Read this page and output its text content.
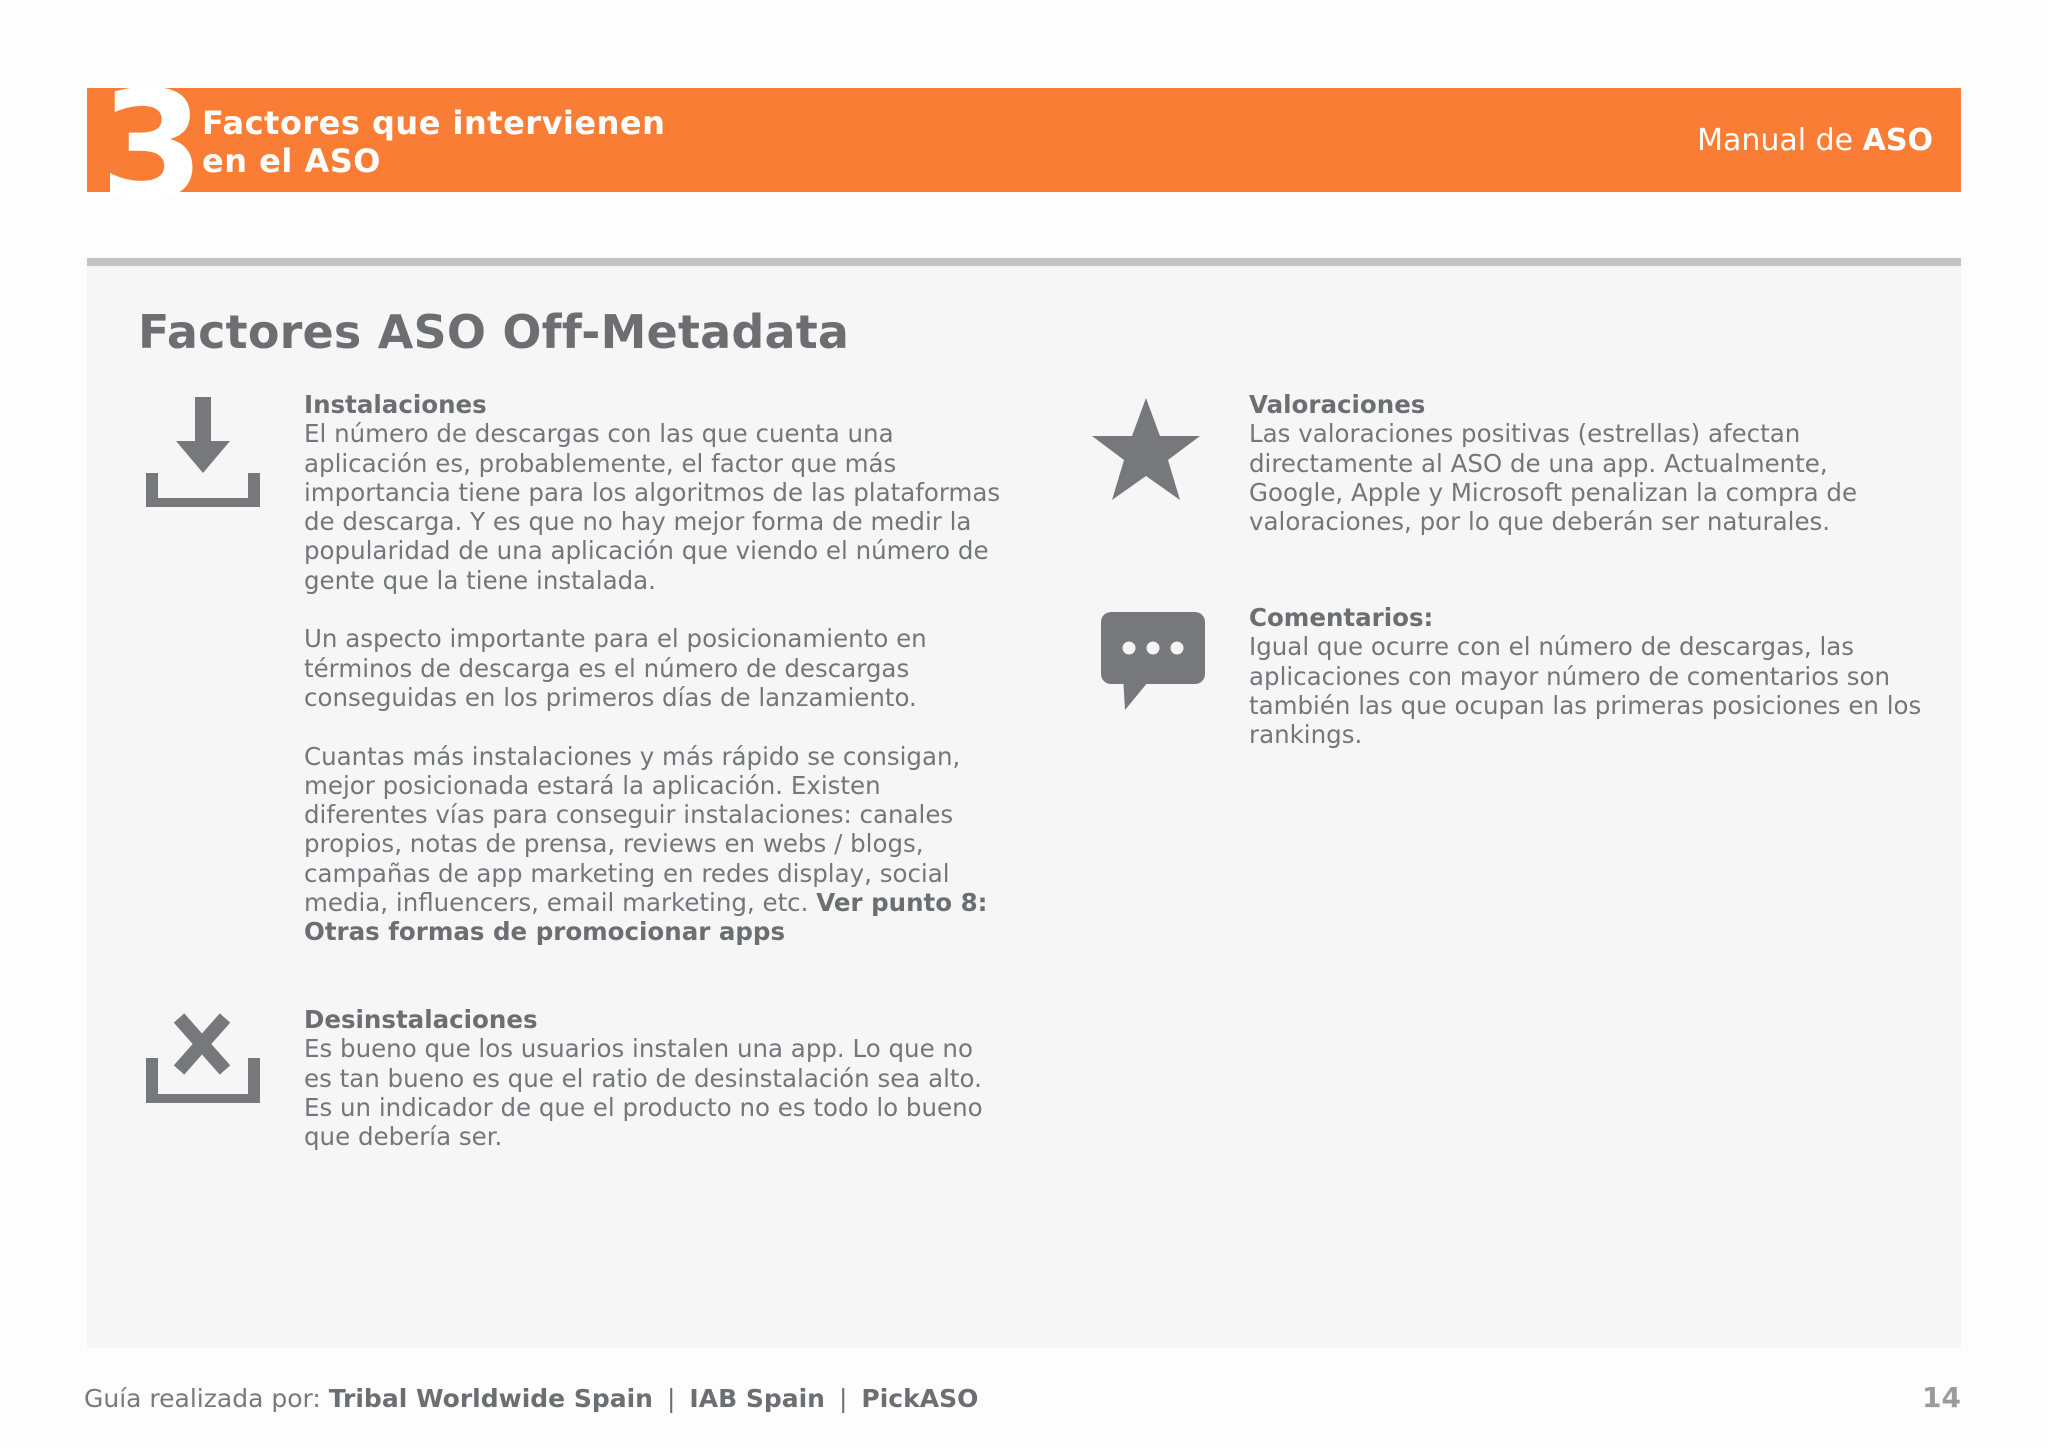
3 Factores que intervienen
en el ASO
Manual de ASO
Factores ASO Off-Metadata
Instalaciones

El número de descargas con las que cuenta una aplicación es, probablemente, el factor que más importancia tiene para los algoritmos de las plataformas de descarga. Y es que no hay mejor forma de medir la popularidad de una aplicación que viendo el número de gente que la tiene instalada.

Un aspecto importante para el posicionamiento en términos de descarga es el número de descargas conseguidas en los primeros días de lanzamiento.

Cuantas más instalaciones y más rápido se consigan, mejor posicionada estará la aplicación. Existen diferentes vías para conseguir instalaciones: canales propios, notas de prensa, reviews en webs / blogs, campañas de app marketing en redes display, social media, influencers, email marketing, etc. Ver punto 8: Otras formas de promocionar apps

Desinstalaciones

Es bueno que los usuarios instalen una app. Lo que no es tan bueno es que el ratio de desinstalación sea alto. Es un indicador de que el producto no es todo lo bueno que debería ser.

Valoraciones

Las valoraciones positivas (estrellas) afectan directamente al ASO de una app. Actualmente, Google, Apple y Microsoft penalizan la compra de valoraciones, por lo que deberán ser naturales.

Comentarios:

Igual que ocurre con el número de descargas, las aplicaciones con mayor número de comentarios son también las que ocupan las primeras posiciones en los rankings.

Guía realizada por: Tribal Worldwide Spain | IAB Spain | PickASO	14
